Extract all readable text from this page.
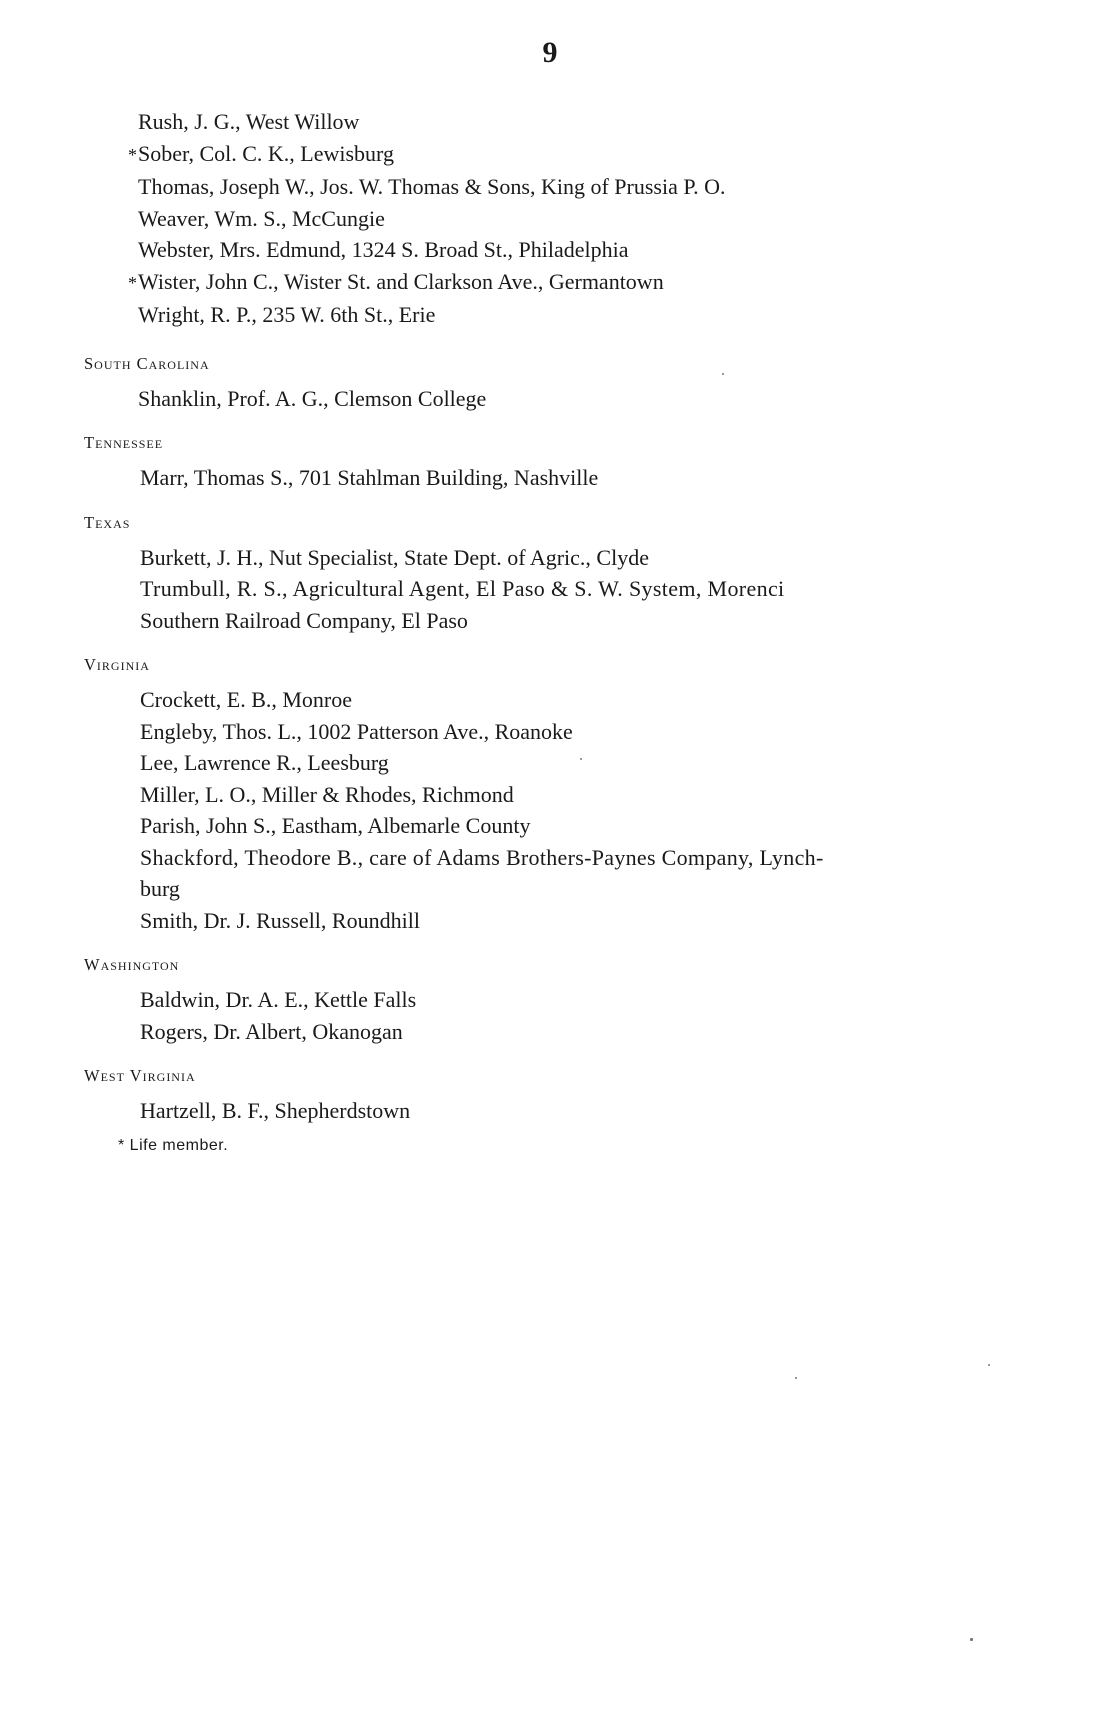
9
Rush, J. G., West Willow
*Sober, Col. C. K., Lewisburg
Thomas, Joseph W., Jos. W. Thomas & Sons, King of Prussia P. O.
Weaver, Wm. S., McCungie
Webster, Mrs. Edmund, 1324 S. Broad St., Philadelphia
*Wister, John C., Wister St. and Clarkson Ave., Germantown
Wright, R. P., 235 W. 6th St., Erie
South Carolina
Shanklin, Prof. A. G., Clemson College
Tennessee
Marr, Thomas S., 701 Stahlman Building, Nashville
Texas
Burkett, J. H., Nut Specialist, State Dept. of Agric., Clyde
Trumbull, R. S., Agricultural Agent, El Paso & S. W. System, Morenci
Southern Railroad Company, El Paso
Virginia
Crockett, E. B., Monroe
Engleby, Thos. L., 1002 Patterson Ave., Roanoke
Lee, Lawrence R., Leesburg
Miller, L. O., Miller & Rhodes, Richmond
Parish, John S., Eastham, Albemarle County
Shackford, Theodore B., care of Adams Brothers-Paynes Company, Lynch-
burg
Smith, Dr. J. Russell, Roundhill
Washington
Baldwin, Dr. A. E., Kettle Falls
Rogers, Dr. Albert, Okanogan
West Virginia
Hartzell, B. F., Shepherdstown
* Life member.
